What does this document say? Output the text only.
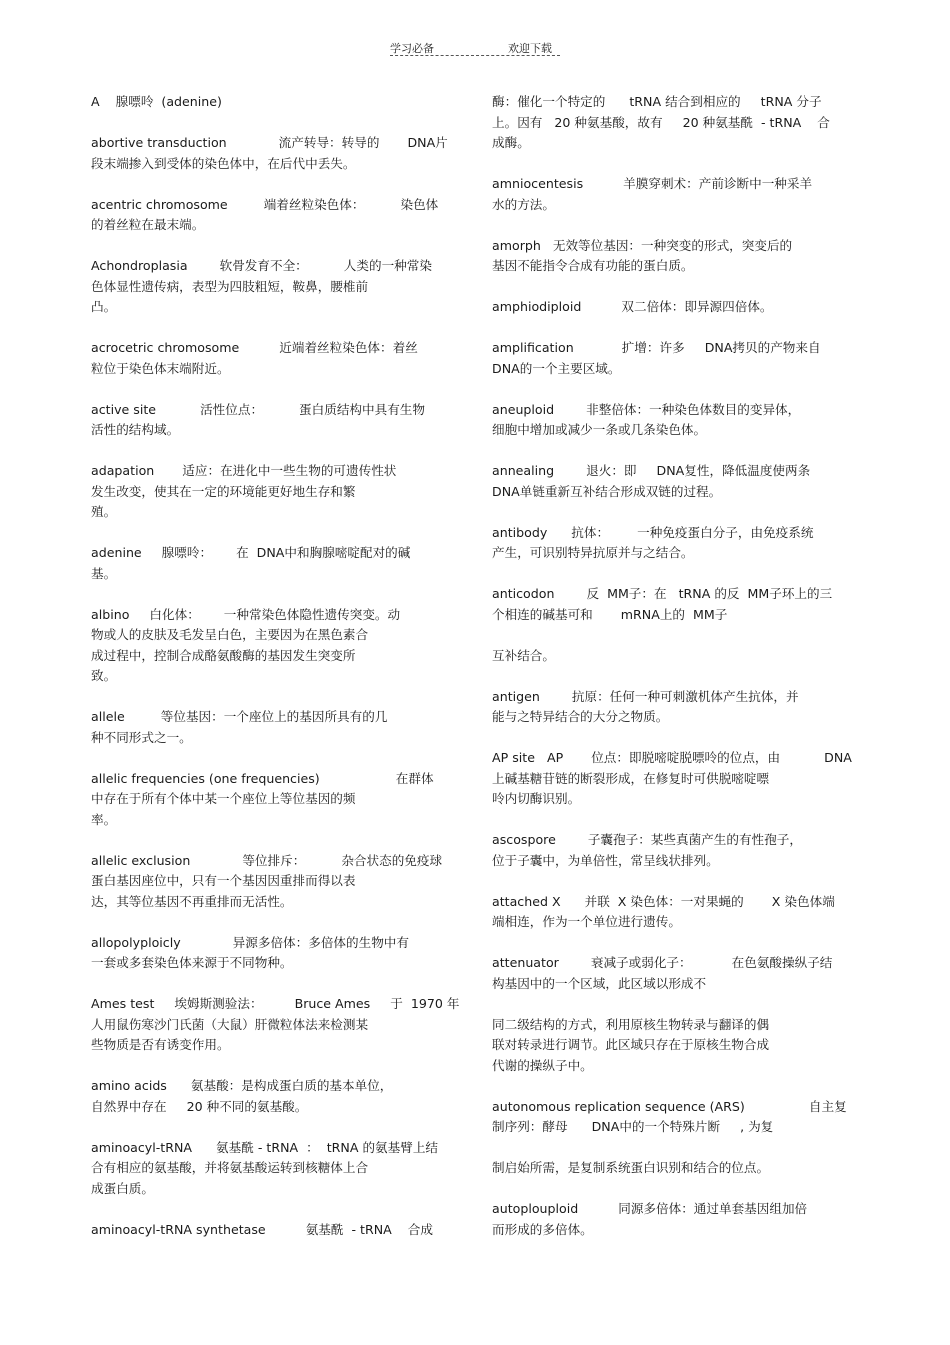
学习必备	欢迎下载
A    腺嘌呤  (adenine)
abortive transduction             流产转导：转导的       DNA片
段末端掺入到受体的染色体中，在后代中丢失。
acentric chromosome         端着丝粒染色体：         染色体
的着丝粒在最末端。
Achondroplasia        软骨发育不全：         人类的一种常染
色体显性遗传病，表型为四肢粗短，鞍鼻，腰椎前
凸。
acrocetric chromosome          近端着丝粒染色体：着丝
粒位于染色体末端附近。
active site           活性位点：         蛋白质结构中具有生物
活性的结构域。
adapation       适应：在进化中一些生物的可遗传性状
发生改变，使其在一定的环境能更好地生存和繁
殖。
adenine     腺嘌呤：      在  DNA中和胸腺嘧啶配对的碱
基。
albino     白化体：      一种常染色体隐性遗传突变。动
物或人的皮肤及毛发呈白色，主要因为在黑色素合
成过程中，控制合成酪氨酸酶的基因发生突变所
致。
allele         等位基因：一个座位上的基因所具有的几
种不同形式之一。
allelic frequencies (one frequencies)                   在群体
中存在于所有个体中某一个座位上等位基因的频
率。
allelic exclusion             等位排斥：         杂合状态的免疫球
蛋白基因座位中，只有一个基因因重排而得以表
达，其等位基因不再重排而无活性。
allopolyploicly             异源多倍体：多倍体的生物中有
一套或多套染色体来源于不同物种。
Ames test     埃姆斯测验法：        Bruce Ames     于  1970 年
人用鼠伤寒沙门氏菌（大鼠）肝微粒体法来检测某
些物质是否有诱变作用。
amino acids      氨基酸：是构成蛋白质的基本单位，
自然界中存在     20 种不同的氨基酸。
aminoacyl-tRNA      氨基酰 - tRNA  ：  tRNA 的氨基臂上结
合有相应的氨基酸，并将氨基酸运转到核糖体上合
成蛋白质。
aminoacyl-tRNA synthetase          氨基酰  - tRNA    合成
酶：催化一个特定的      tRNA 结合到相应的     tRNA 分子
上。因有   20 种氨基酸，故有     20 种氨基酰  - tRNA    合
成酶。
amniocentesis          羊膜穿刺术：产前诊断中一种采羊
水的方法。
amorph   无效等位基因：一种突变的形式，突变后的
基因不能指令合成有功能的蛋白质。
amphiodiploid          双二倍体：即异源四倍体。
amplification            扩增：许多     DNA拷贝的产物来自
DNA的一个主要区域。
aneuploid        非整倍体：一种染色体数目的变异体，
细胞中增加或减少一条或几条染色体。
annealing        退火：即     DNA复性，降低温度使两条
DNA单链重新互补结合形成双链的过程。
antibody      抗体：       一种免疫蛋白分子，由免疫系统
产生，可识别特异抗原并与之结合。
anticodon        反  MM子：在   tRNA 的反  MM子环上的三
个相连的碱基可和       mRNA上的  MM子

互补结合。
antigen        抗原：任何一种可刺激机体产生抗体，并
能与之特异结合的大分之物质。
AP site   AP       位点：即脱嘧啶脱嘌呤的位点，由           DNA
上碱基糖苷链的断裂形成，在修复时可供脱嘧啶嘌
呤内切酶识别。
ascospore        子囊孢子：某些真菌产生的有性孢子，
位于子囊中，为单倍性，常呈线状排列。
attached X      并联  X 染色体：一对果蝇的       X 染色体端
端相连，作为一个单位进行遗传。
attenuator        衰减子或弱化子：          在色氨酸操纵子结
构基因中的一个区域，此区域以形成不

同二级结构的方式，利用原核生物转录与翻译的偶
联对转录进行调节。此区域只存在于原核生物合成
代谢的操纵子中。
autonomous replication sequence (ARS)                自主复
制序列：酵母      DNA中的一个特殊片断     , 为复

制启始所需，是复制系统蛋白识别和结合的位点。
autoplouploid          同源多倍体：通过单套基因组加倍
而形成的多倍体。
